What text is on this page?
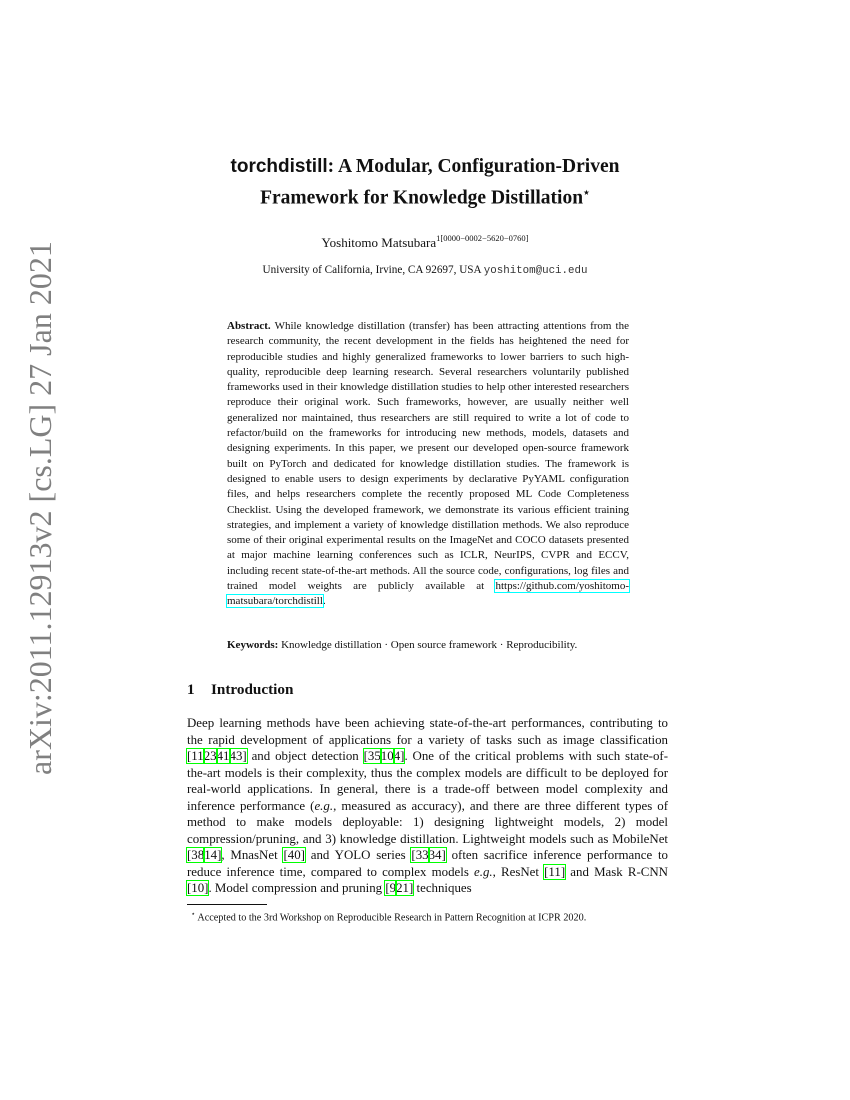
arXiv:2011.12913v2 [cs.LG] 27 Jan 2021
torchdistill: A Modular, Configuration-Driven
Framework for Knowledge Distillation⋆
Yoshitomo Matsubara$^{1[0000-0002-5620-0760]}$
University of California, Irvine, CA 92697, USA yoshitom@uci.edu
Abstract. While knowledge distillation (transfer) has been attracting attentions from the research community, the recent development in the fields has heightened the need for reproducible studies and highly generalized frameworks to lower barriers to such high-quality, reproducible deep learning research. Several researchers voluntarily published frameworks used in their knowledge distillation studies to help other interested researchers reproduce their original work. Such frameworks, however, are usually neither well generalized nor maintained, thus researchers are still required to write a lot of code to refactor/build on the frameworks for introducing new methods, models, datasets and designing experiments. In this paper, we present our developed open-source framework built on PyTorch and dedicated for knowledge distillation studies. The framework is designed to enable users to design experiments by declarative PyYAML configuration files, and helps researchers complete the recently proposed ML Code Completeness Checklist. Using the developed framework, we demonstrate its various efficient training strategies, and implement a variety of knowledge distillation methods. We also reproduce some of their original experimental results on the ImageNet and COCO datasets presented at major machine learning conferences such as ICLR, NeurIPS, CVPR and ECCV, including recent state-of-the-art methods. All the source code, configurations, log files and trained model weights are publicly available at https://github.com/yoshitomo-matsubara/torchdistill.
Keywords: Knowledge distillation · Open source framework · Reproducibility.
1 Introduction
Deep learning methods have been achieving state-of-the-art performances, contributing to the rapid development of applications for a variety of tasks such as image classification [11234143] and object detection [35104]. One of the critical problems with such state-of-the-art models is their complexity, thus the complex models are difficult to be deployed for real-world applications. In general, there is a trade-off between model complexity and inference performance (e.g., measured as accuracy), and there are three different types of method to make models deployable: 1) designing lightweight models, 2) model compression/pruning, and 3) knowledge distillation. Lightweight models such as MobileNet [3814], MnasNet [40] and YOLO series [3334] often sacrifice inference performance to reduce inference time, compared to complex models e.g., ResNet [11] and Mask R-CNN [10]. Model compression and pruning [921] techniques
⋆ Accepted to the 3rd Workshop on Reproducible Research in Pattern Recognition at ICPR 2020.
